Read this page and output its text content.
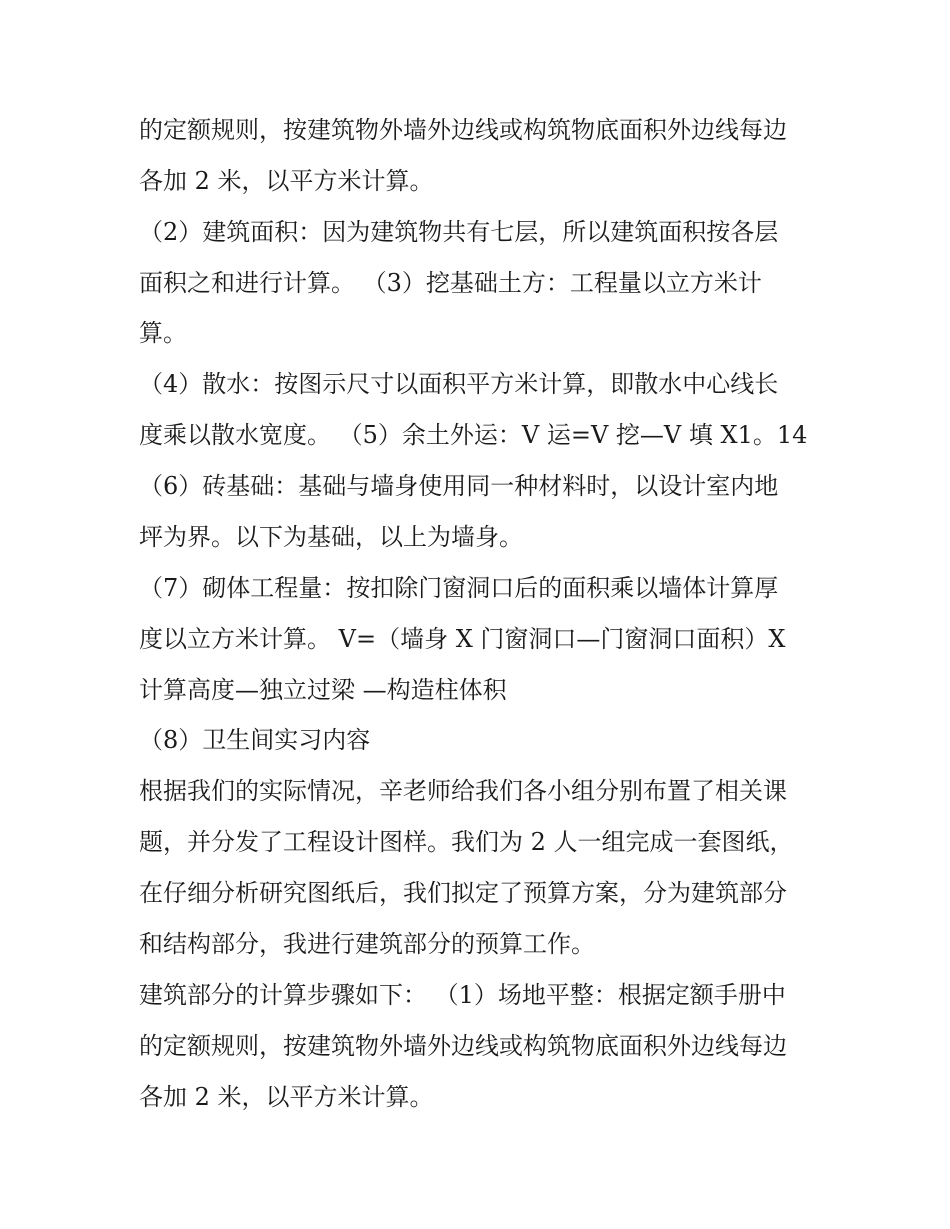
的定额规则，按建筑物外墙外边线或构筑物底面积外边线每边
各加 2 米，以平方米计算。
（2）建筑面积：因为建筑物共有七层，所以建筑面积按各层
面积之和进行计算。 （3）挖基础土方：工程量以立方米计
算。
（4）散水：按图示尺寸以面积平方米计算，即散水中心线长
度乘以散水宽度。 （5）余土外运：V 运=V 挖—V 填 X1。14
（6）砖基础：基础与墙身使用同一种材料时，以设计室内地
坪为界。以下为基础，以上为墙身。
（7）砌体工程量：按扣除门窗洞口后的面积乘以墙体计算厚
度以立方米计算。 V=（墙身 X 门窗洞口—门窗洞口面积）X
计算高度—独立过梁 —构造柱体积
（8）卫生间实习内容
根据我们的实际情况，辛老师给我们各小组分别布置了相关课
题，并分发了工程设计图样。我们为 2 人一组完成一套图纸，
在仔细分析研究图纸后，我们拟定了预算方案，分为建筑部分
和结构部分，我进行建筑部分的预算工作。
建筑部分的计算步骤如下： （1）场地平整：根据定额手册中
的定额规则，按建筑物外墙外边线或构筑物底面积外边线每边
各加 2 米，以平方米计算。
